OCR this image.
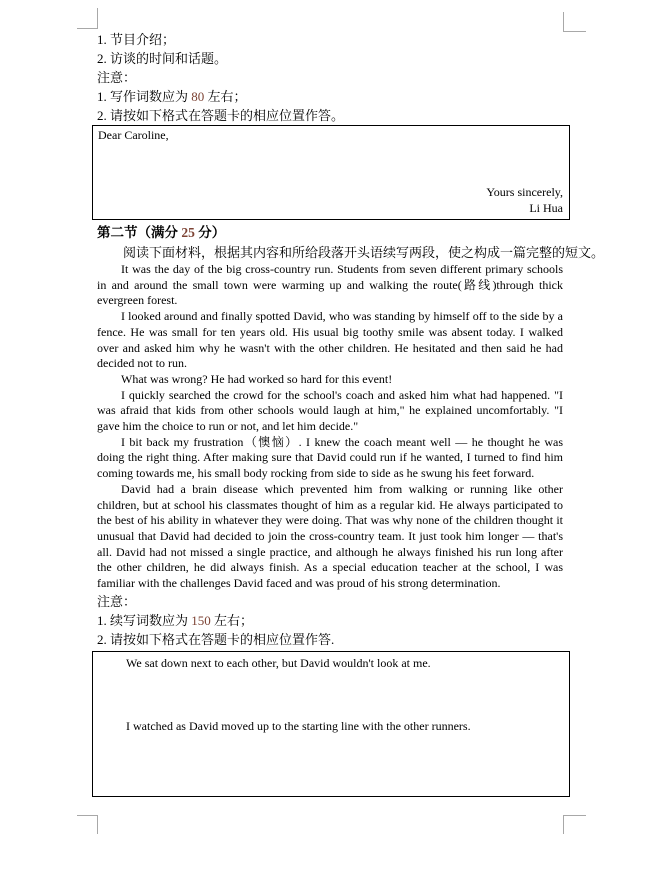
1. 节目介绍；

2. 访谈的时间和话题。

注意：

1. 写作词数应为 80 左右；

2. 请按如下格式在答题卡的相应位置作答。

Dear Caroline,
Yours sincerely,
Li Hua

第二节（满分 25 分）

阅读下面材料，根据其内容和所给段落开头语续写两段，使之构成一篇完整的短文。

It was the day of the big cross-country run. Students from seven different primary schools in and around the small town were warming up and walking the route(路线)through thick evergreen forest.

I looked around and finally spotted David, who was standing by himself off to the side by a fence. He was small for ten years old. His usual big toothy smile was absent today. I walked over and asked him why he wasn't with the other children. He hesitated and then said he had decided not to run.

What was wrong? He had worked so hard for this event!

I quickly searched the crowd for the school's coach and asked him what had happened. "I was afraid that kids from other schools would laugh at him," he explained uncomfortably. "I gave him the choice to run or not, and let him decide."

I bit back my frustration（懊恼）. I knew the coach meant well — he thought he was doing the right thing. After making sure that David could run if he wanted, I turned to find him coming towards me, his small body rocking from side to side as he swung his feet forward.

David had a brain disease which prevented him from walking or running like other children, but at school his classmates thought of him as a regular kid. He always participated to the best of his ability in whatever they were doing. That was why none of the children thought it unusual that David had decided to join the cross-country team. It just took him longer — that's all. David had not missed a single practice, and although he always finished his run long after the other children, he did always finish. As a special education teacher at the school, I was familiar with the challenges David faced and was proud of his strong determination.

注意：

1. 续写词数应为 150 左右；

2. 请按如下格式在答题卡的相应位置作答.

We sat down next to each other, but David wouldn't look at me.

I watched as David moved up to the starting line with the other runners.
